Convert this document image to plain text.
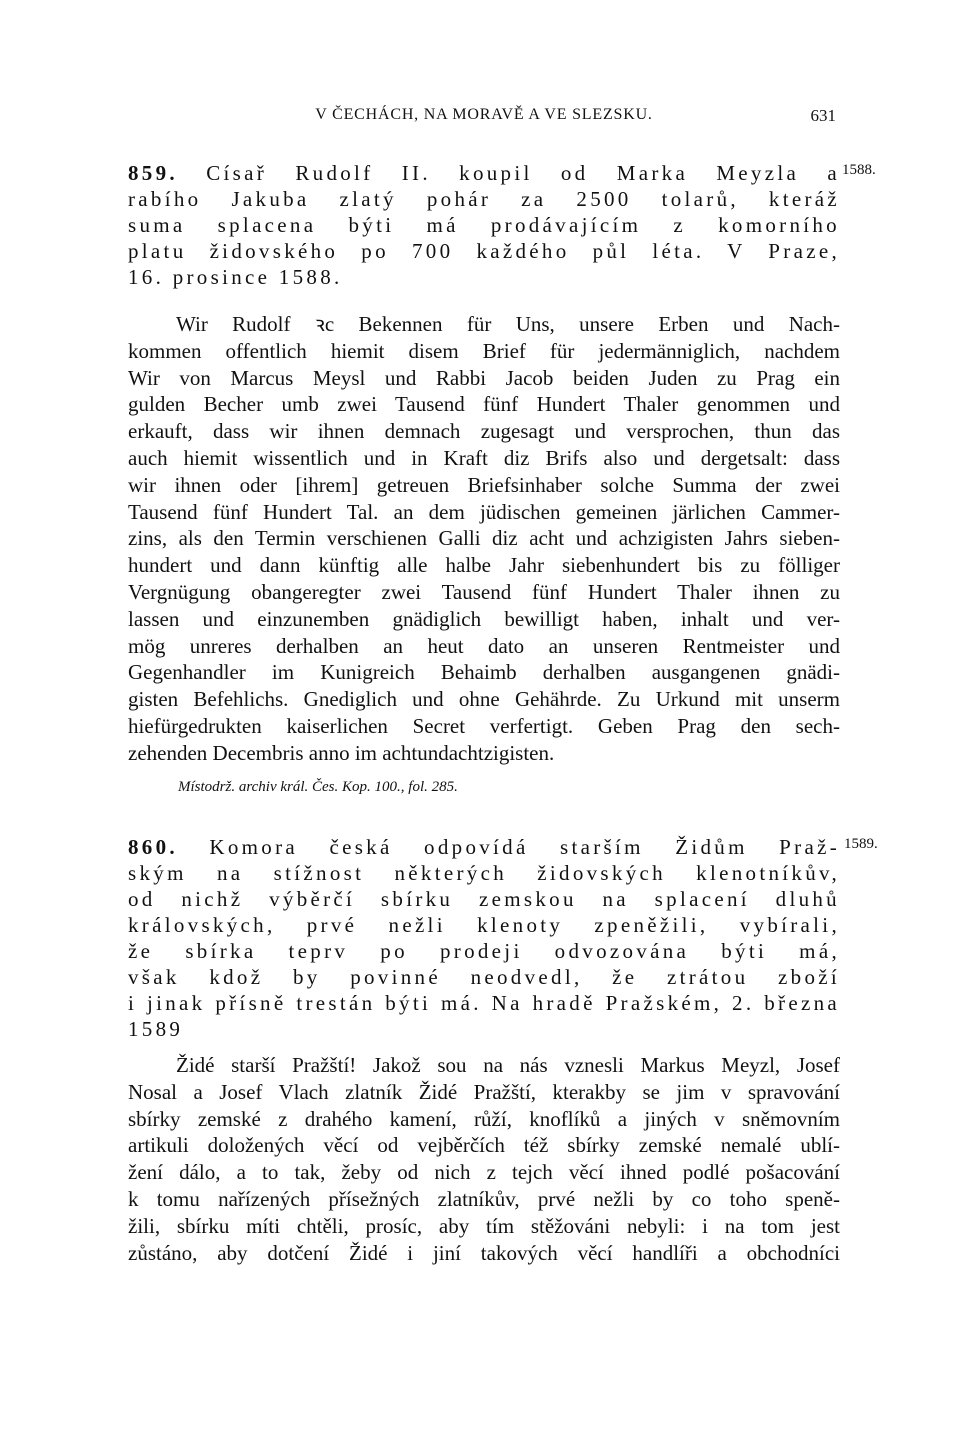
V ČECHÁCH, NA MORAVĚ A VE SLEZSKU.	631
1588.
859. Císař Rudolf II. koupil od Marka Meyzla a
rabího Jakuba zlatý pohár za 2500 tolarů, kteráž
suma splacena býti má prodávajícím z komorního
platu židovského po 700 každého půl léta. V Praze,
16. prosince 1588.
Wir Rudolf ꝛc Bekennen für Uns, unsere Erben und Nach-
kommen offentlich hiemit disem Brief für jedermänniglich, nachdem
Wir von Marcus Meysl und Rabbi Jacob beiden Juden zu Prag ein
gulden Becher umb zwei Tausend fünf Hundert Thaler genommen und
erkauft, dass wir ihnen demnach zugesagt und versprochen, thun das
auch hiemit wissentlich und in Kraft diz Brifs also und dergetsalt: dass
wir ihnen oder [ihrem] getreuen Briefsinhaber solche Summa der zwei
Tausend fünf Hundert Tal. an dem jüdischen gemeinen järlichen Cammer-
zins, als den Termin verschienen Galli diz acht und achzigisten Jahrs sieben-
hundert und dann künftig alle halbe Jahr siebenhundert bis zu fölliger
Vergnügung obangeregter zwei Tausend fünf Hundert Thaler ihnen zu
lassen und einzunemben gnädiglich bewilligt haben, inhalt und ver-
mög unreres derhalben an heut dato an unseren Rentmeister und
Gegenhandler im Kunigreich Behaimb derhalben ausgangenen gnädi-
gisten Befehlichs. Gnediglich und ohne Gehährde. Zu Urkund mit unserm
hiefürgedrukten kaiserlichen Secret verfertigt. Geben Prag den sech-
zehenden Decembris anno im achtundachtzigisten.
Místodrž. archiv král. Čes. Kop. 100., fol. 285.
1589.
860. Komora česká odpovídá starším Židům Praž-
ským na stížnost některých židovských klenotníkův,
od nichž výběrčí sbírku zemskou na splacení dluhů
královských, prvé nežli klenoty zpeněžili, vybírali,
že sbírka teprv po prodeji odvozována býti má,
však kdož by povinné neodvedl, že ztrátou zboží
i jinak přísně trestán býti má. Na hradě Pražském, 2. března
1589
Židé starší Pražští! Jakož sou na nás vznesli Markus Meyzl, Josef
Nosal a Josef Vlach zlatník Židé Pražští, kterakby se jim v spravování
sbírky zemské z drahého kamení, růží, knoflíků a jiných v sněmovním
artikuli doložených věcí od vejběrčích též sbírky zemské nemalé ublí-
žení dálo, a to tak, žeby od nich z tejch věcí ihned podlé pošacování
k tomu nařízených přísežných zlatníkův, prvé nežli by co toho speně-
žili, sbírku míti chtěli, prosíc, aby tím stěžováni nebyli: i na tom jest
zůstáno, aby dotčení Židé i jiní takových věcí handlíři a obchodníci
